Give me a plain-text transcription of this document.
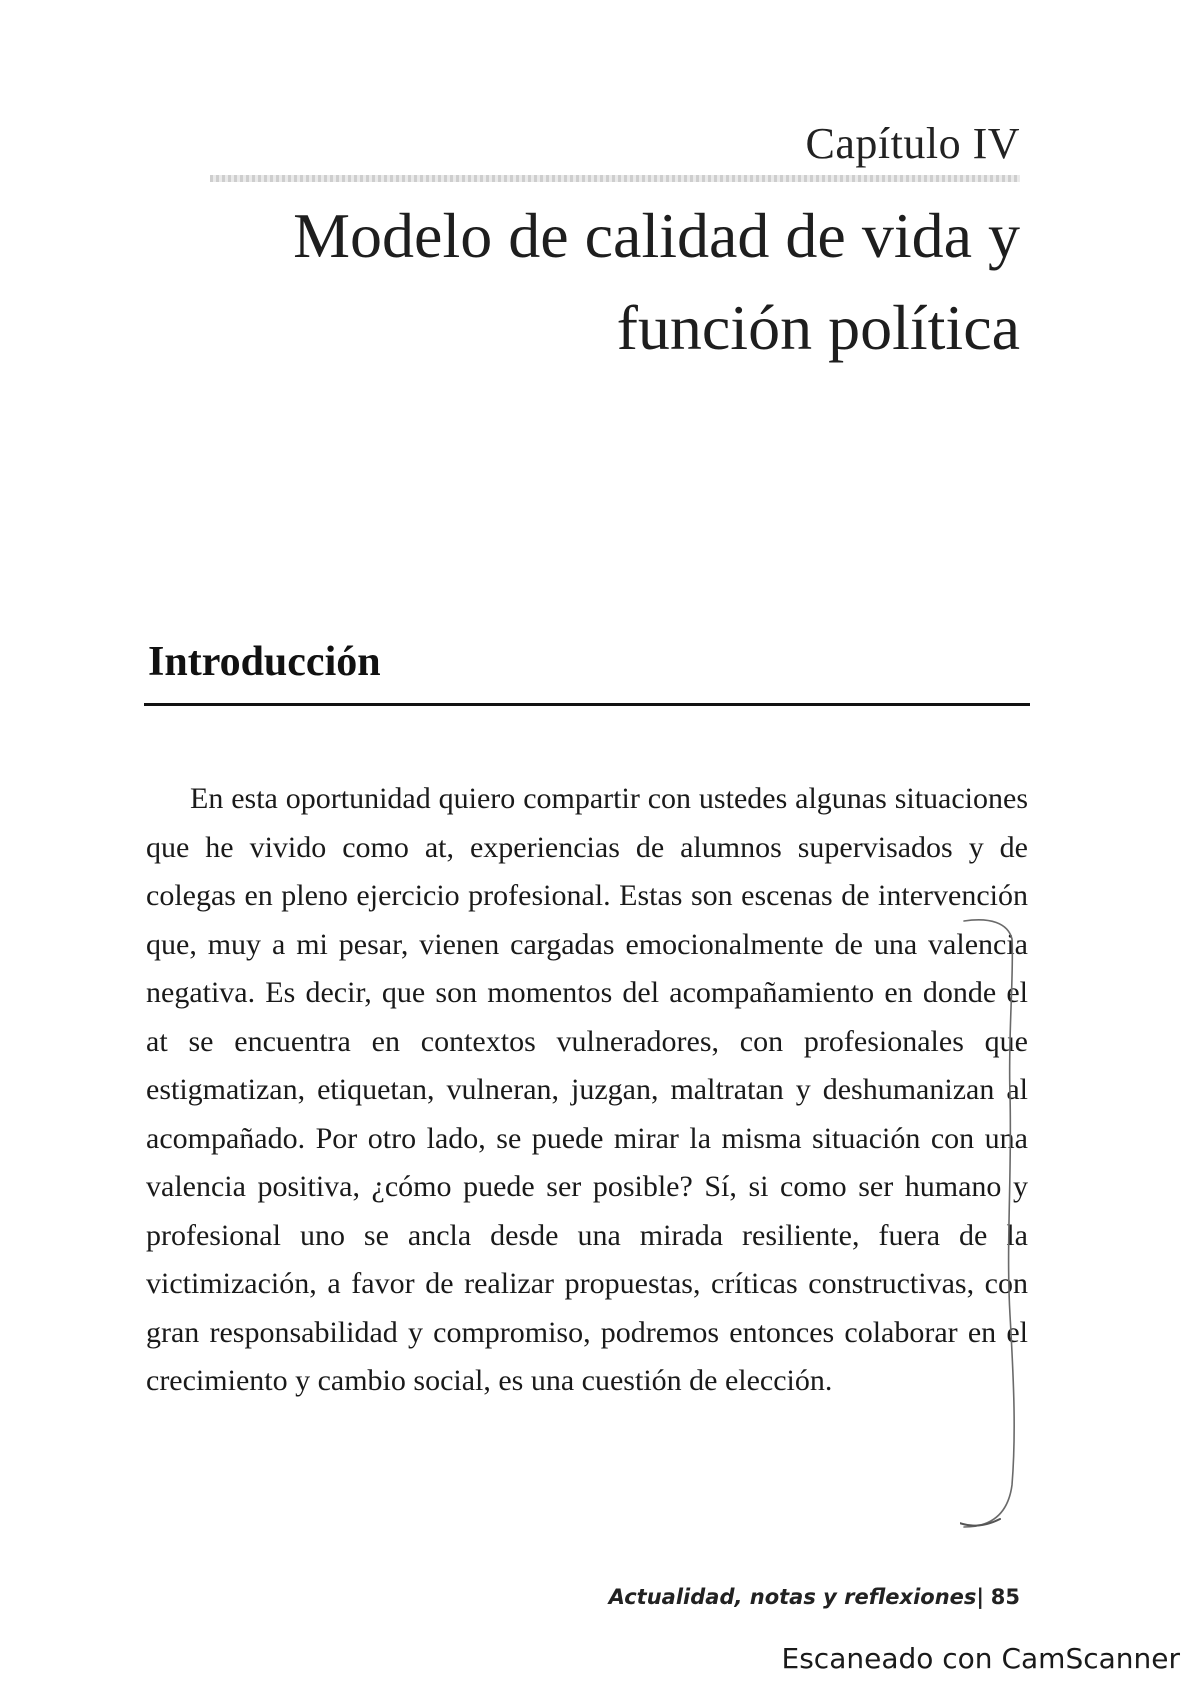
Capítulo IV
Modelo de calidad de vida y
función política
Introducción

En esta oportunidad quiero compartir con ustedes algunas situaciones que he vivido como at, experiencias de alumnos supervisados y de colegas en pleno ejercicio profesional. Estas son escenas de intervención que, muy a mi pesar, vienen cargadas emocionalmente de una valencia negativa. Es decir, que son momentos del acompañamiento en donde el at se encuentra en contextos vulneradores, con profesionales que estigmatizan, etiquetan, vulneran, juzgan, maltratan y deshumanizan al acompañado. Por otro lado, se puede mirar la misma situación con una valencia positiva, ¿cómo puede ser posible? Sí, si como ser humano y profesional uno se ancla desde una mirada resiliente, fuera de la victimización, a favor de realizar propuestas, críticas constructivas, con gran responsabilidad y compromiso, podremos entonces colaborar en el crecimiento y cambio social, es una cuestión de elección.

Actualidad, notas y reflexiones| 85
Escaneado con CamScanner
